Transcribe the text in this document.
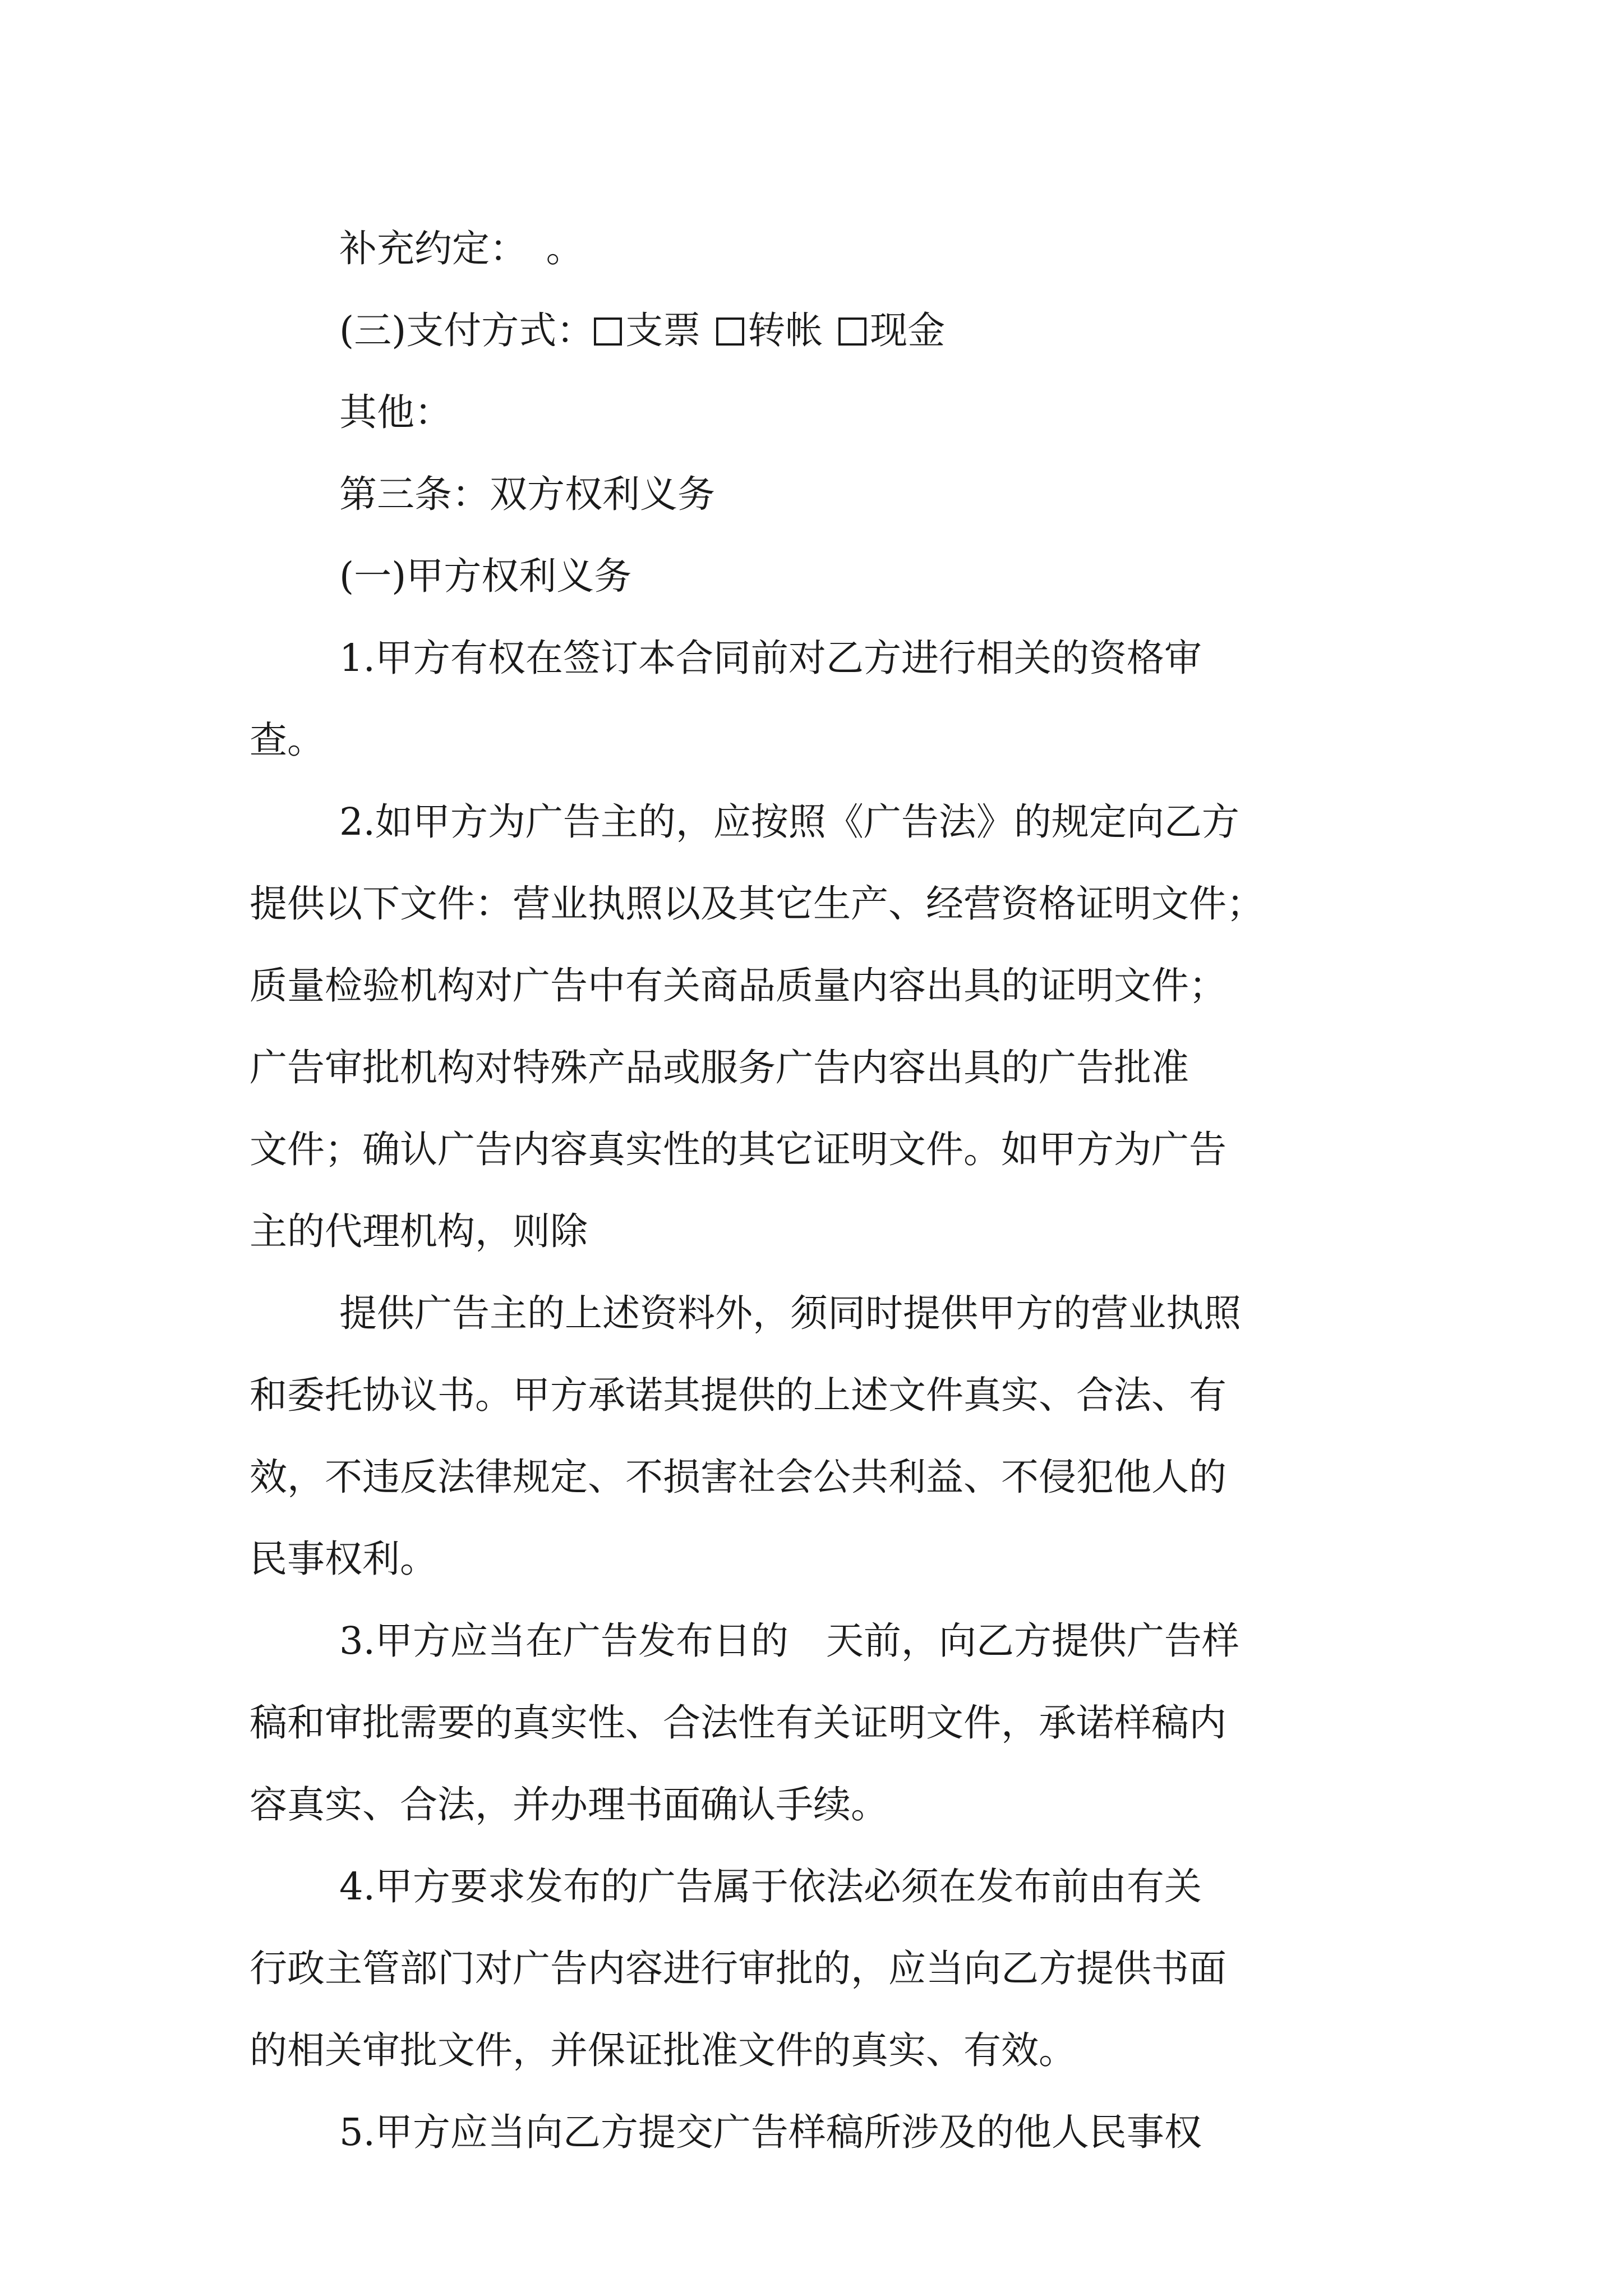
补充约定：　。

(三)支付方式： 支票 转帐 现金

其他：

第三条：双方权利义务

(一)甲方权利义务

1.甲方有权在签订本合同前对乙方进行相关的资格审

查。

2.如甲方为广告主的，应按照《广告法》的规定向乙方

提供以下文件：营业执照以及其它生产、经营资格证明文件；

质量检验机构对广告中有关商品质量内容出具的证明文件；

广告审批机构对特殊产品或服务广告内容出具的广告批准

文件；确认广告内容真实性的其它证明文件。如甲方为广告

主的代理机构，则除

提供广告主的上述资料外，须同时提供甲方的营业执照

和委托协议书。甲方承诺其提供的上述文件真实、合法、有

效，不违反法律规定、不损害社会公共利益、不侵犯他人的

民事权利。

3.甲方应当在广告发布日的　天前，向乙方提供广告样

稿和审批需要的真实性、合法性有关证明文件，承诺样稿内

容真实、合法，并办理书面确认手续。

4.甲方要求发布的广告属于依法必须在发布前由有关

行政主管部门对广告内容进行审批的，应当向乙方提供书面

的相关审批文件，并保证批准文件的真实、有效。

5.甲方应当向乙方提交广告样稿所涉及的他人民事权
